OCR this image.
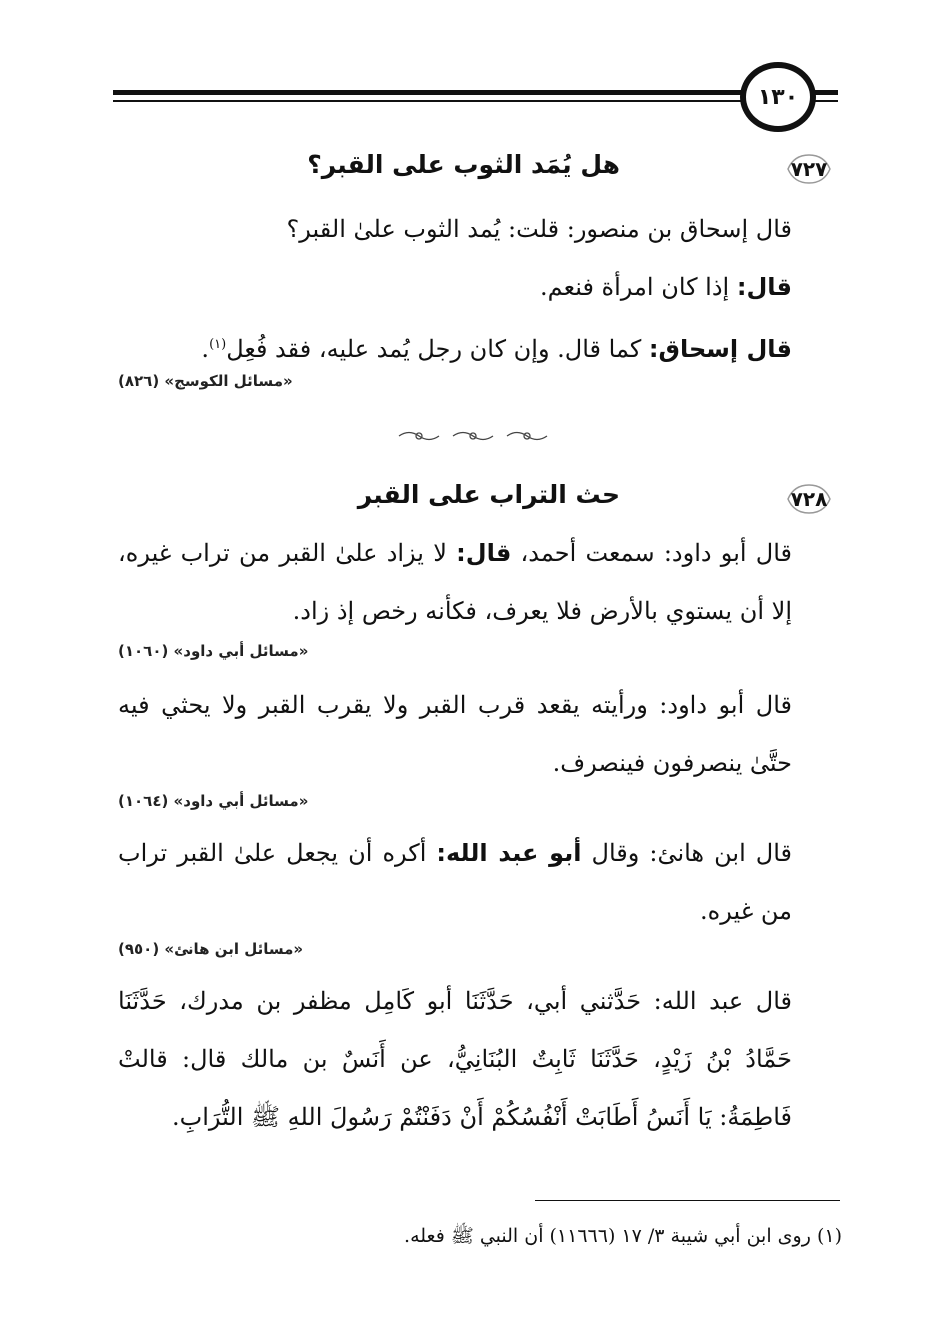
١٣٠
٧٢٧
هل يُمَد الثوب على القبر؟
قال إسحاق بن منصور: قلت: يُمد الثوب علىٰ القبر؟
قال: إذا كان امرأة فنعم.
قال إسحاق: كما قال. وإن كان رجل يُمد عليه، فقد فُعِل$^{(١)}$.
«مسائل الكوسج» (٨٢٦)
٧٢٨
حث التراب على القبر
قال أبو داود: سمعت أحمد، قال: لا يزاد علىٰ القبر من تراب غيره، إلا أن يستوي بالأرض فلا يعرف، فكأنه رخص إذ زاد.
«مسائل أبي داود» (١٠٦٠)
قال أبو داود: ورأيته يقعد قرب القبر ولا يقرب القبر ولا يحثي فيه حتَّىٰ ينصرفون فينصرف.
«مسائل أبي داود» (١٠٦٤)
قال ابن هانئ: وقال أبو عبد الله: أكره أن يجعل علىٰ القبر تراب من غيره.
«مسائل ابن هانئ» (٩٥٠)
قال عبد الله: حَدَّثني أبي، حَدَّثَنَا أبو كَامِل مظفر بن مدرك، حَدَّثَنَا حَمَّادُ بْنُ زَيْدٍ، حَدَّثَنَا ثَابِتٌ البُنَانِيُّ، عن أَنَسٌ بن مالك قال: قالتْ فَاطِمَةُ: يَا أَنَسُ أَطَابَتْ أَنْفُسُكُمْ أَنْ دَفَنْتُمْ رَسُولَ اللهِ ﷺ التُّرَابِ.
(١) روى ابن أبي شيبة ٣/ ١٧ (١١٦٦٦) أن النبي ﷺ فعله.
